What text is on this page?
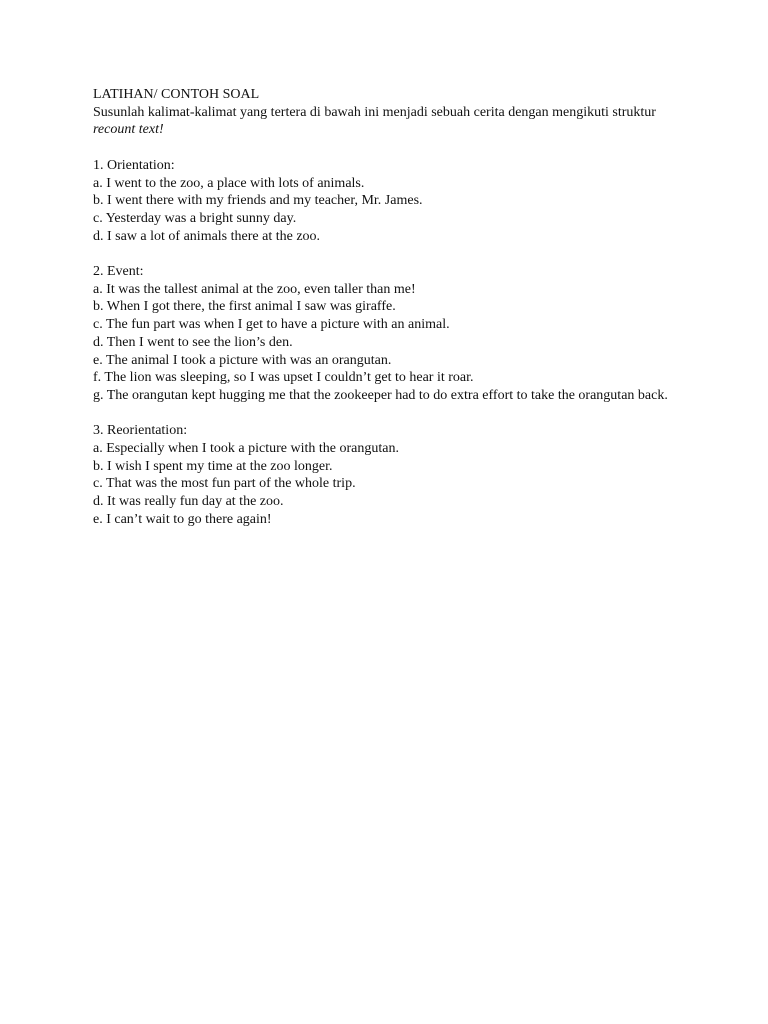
LATIHAN/ CONTOH SOAL

Susunlah kalimat-kalimat yang tertera di bawah ini menjadi sebuah cerita dengan mengikuti struktur recount text!

1. Orientation:

a. I went to the zoo, a place with lots of animals.

b. I went there with my friends and my teacher, Mr. James.

c. Yesterday was a bright sunny day.

d. I saw a lot of animals there at the zoo.

2. Event:

a. It was the tallest animal at the zoo, even taller than me!

b. When I got there, the first animal I saw was giraffe.

c. The fun part was when I get to have a picture with an animal.

d. Then I went to see the lion’s den.

e. The animal I took a picture with was an orangutan.

f. The lion was sleeping, so I was upset I couldn’t get to hear it roar.

g. The orangutan kept hugging me that the zookeeper had to do extra effort to take the orangutan back.

3. Reorientation:

a. Especially when I took a picture with the orangutan.

b. I wish I spent my time at the zoo longer.

c. That was the most fun part of the whole trip.

d. It was really fun day at the zoo.

e. I can’t wait to go there again!
